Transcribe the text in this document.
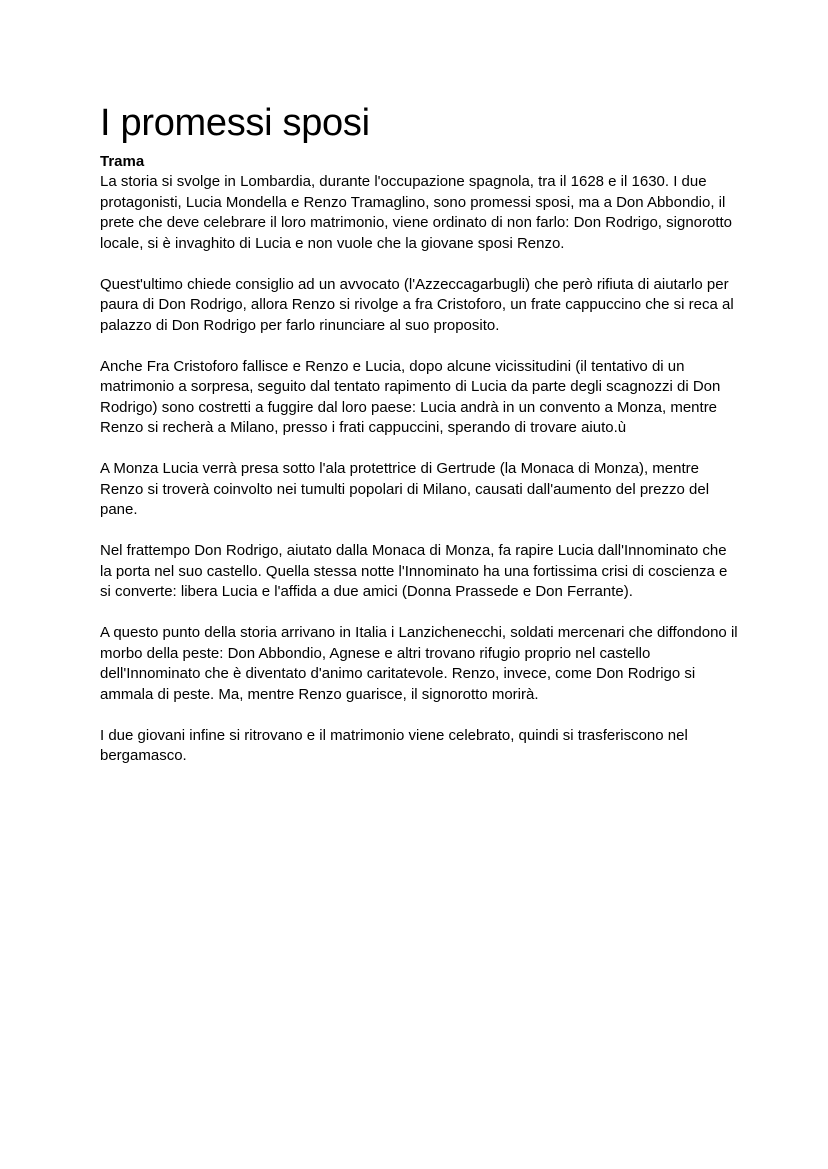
I promessi sposi
Trama

La storia si svolge in Lombardia, durante l'occupazione spagnola, tra il 1628 e il 1630. I due protagonisti, Lucia Mondella e Renzo Tramaglino, sono promessi sposi, ma a Don Abbondio, il prete che deve celebrare il loro matrimonio, viene ordinato di non farlo: Don Rodrigo, signorotto locale, si è invaghito di Lucia e non vuole che la giovane sposi Renzo.

Quest'ultimo chiede consiglio ad un avvocato (l'Azzeccagarbugli) che però rifiuta di aiutarlo per paura di Don Rodrigo, allora Renzo si rivolge a fra Cristoforo, un frate cappuccino che si reca al palazzo di Don Rodrigo per farlo rinunciare al suo proposito.

Anche Fra Cristoforo fallisce e Renzo e Lucia, dopo alcune vicissitudini (il tentativo di un matrimonio a sorpresa, seguito dal tentato rapimento di Lucia da parte degli scagnozzi di Don Rodrigo) sono costretti a fuggire dal loro paese: Lucia andrà in un convento a Monza, mentre Renzo si recherà a Milano, presso i frati cappuccini, sperando di trovare aiuto.ù

A Monza Lucia verrà presa sotto l'ala protettrice di Gertrude (la Monaca di Monza), mentre Renzo si troverà coinvolto nei tumulti popolari di Milano, causati dall'aumento del prezzo del pane.

Nel frattempo Don Rodrigo, aiutato dalla Monaca di Monza, fa rapire Lucia dall'Innominato che la porta nel suo castello. Quella stessa notte l'Innominato ha una fortissima crisi di coscienza e si converte: libera Lucia e l'affida a due amici (Donna Prassede e Don Ferrante).

A questo punto della storia arrivano in Italia i Lanzichenecchi, soldati mercenari che diffondono il morbo della peste: Don Abbondio, Agnese e altri trovano rifugio proprio nel castello dell'Innominato che è diventato d'animo caritatevole. Renzo, invece, come Don Rodrigo si ammala di peste. Ma, mentre Renzo guarisce, il signorotto morirà.

I due giovani infine si ritrovano e il matrimonio viene celebrato, quindi si trasferiscono nel bergamasco.
